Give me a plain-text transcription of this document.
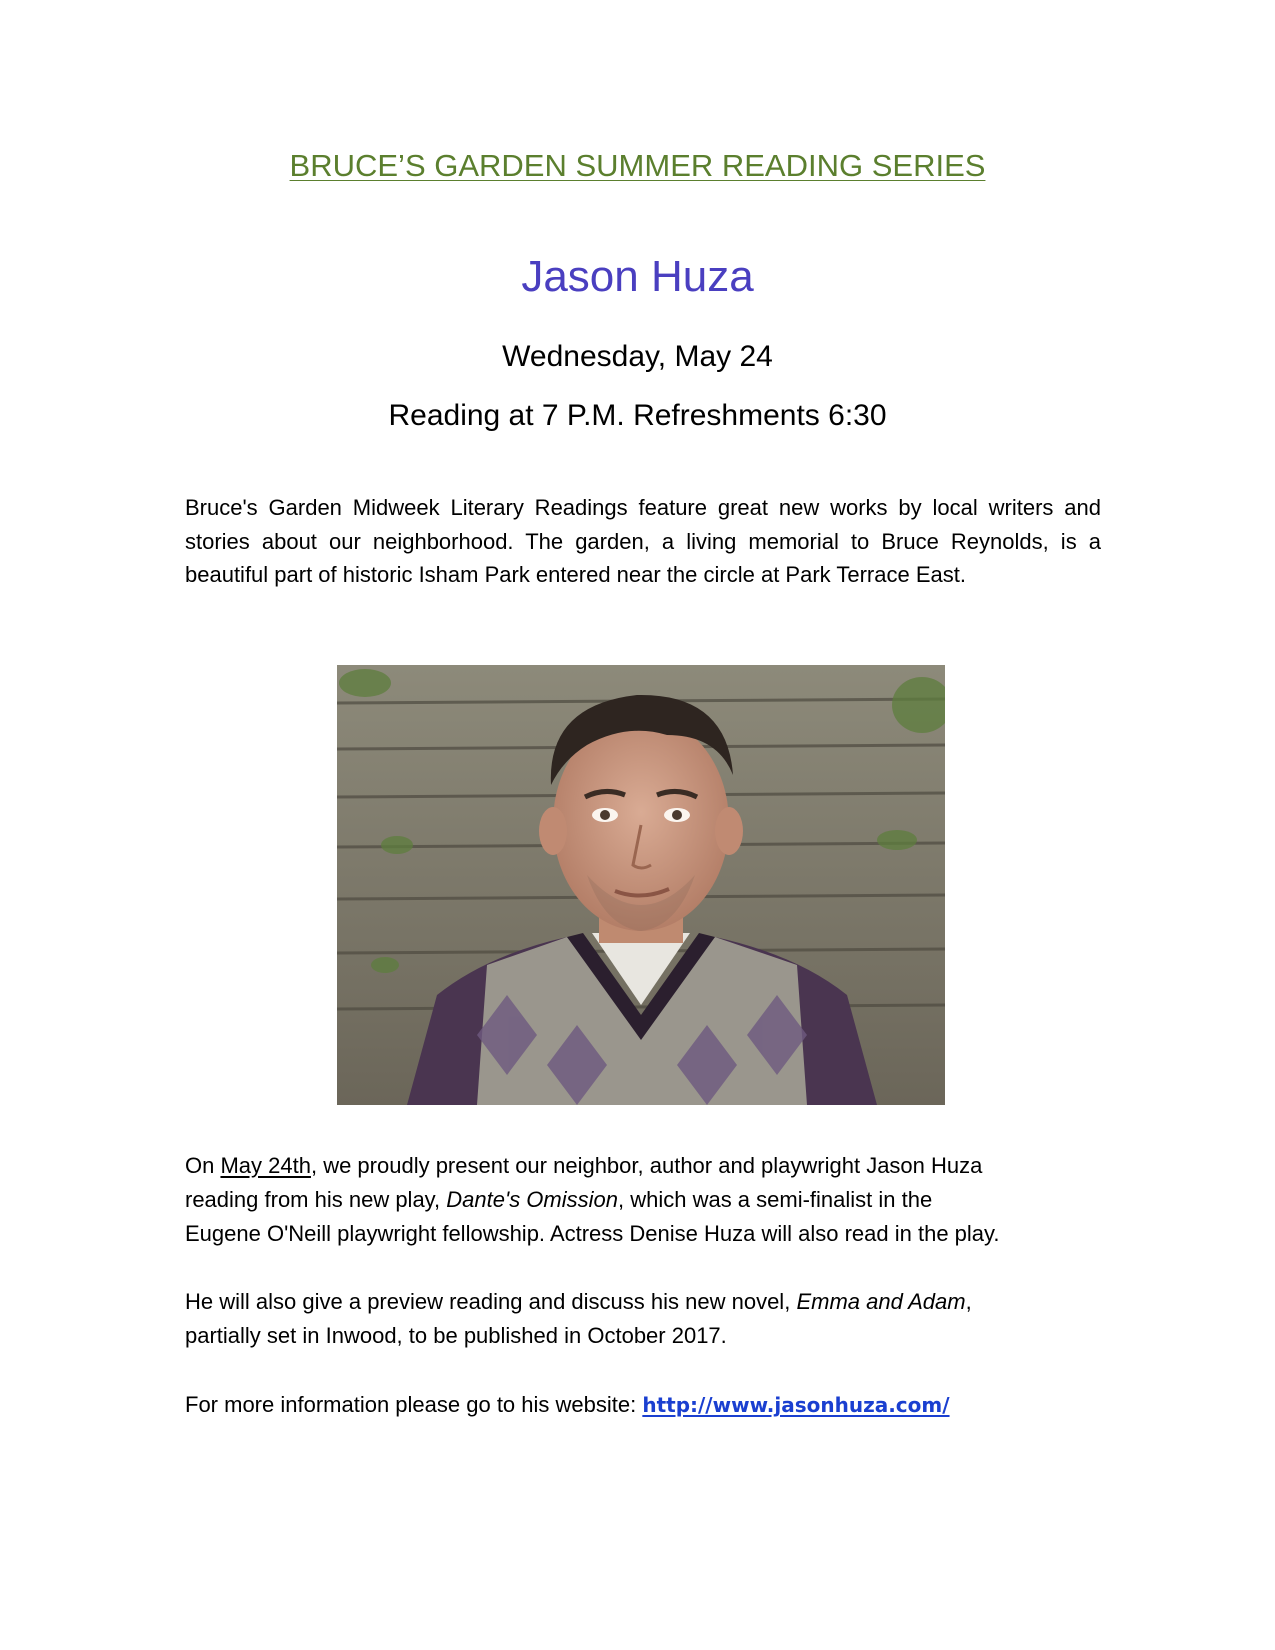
BRUCE’S GARDEN SUMMER READING SERIES
Jason Huza
Wednesday, May 24
Reading at 7 P.M. Refreshments 6:30

Bruce's Garden Midweek Literary Readings feature great new works by local writers and stories about our neighborhood. The garden, a living memorial to Bruce Reynolds, is a beautiful part of historic Isham Park entered near the circle at Park Terrace East.

On May 24th, we proudly present our neighbor, author and playwright Jason Huza
reading from his new play, Dante's Omission, which was a semi-finalist in the
Eugene O'Neill playwright fellowship. Actress Denise Huza will also read in the play.

He will also give a preview reading and discuss his new novel, Emma and Adam,
partially set in Inwood, to be published in October 2017.

For more information please go to his website: http://www.jasonhuza.com/
